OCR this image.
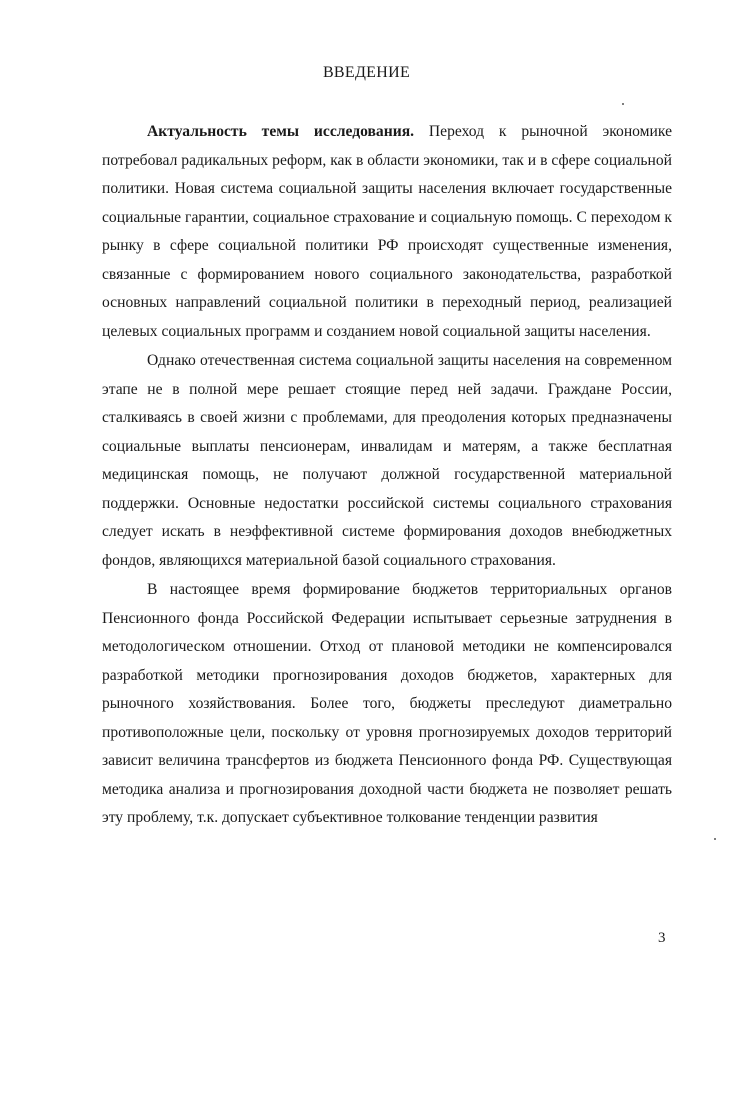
ВВЕДЕНИЕ

Актуальность темы исследования. Переход к рыночной экономике потребовал радикальных реформ, как в области экономики, так и в сфере социальной политики. Новая система социальной защиты населения включает государственные социальные гарантии, социальное страхование и социальную помощь. С переходом к рынку в сфере социальной политики РФ происходят существенные изменения, связанные с формированием нового социального законодательства, разработкой основных направлений социальной политики в переходный период, реализацией целевых социальных программ и созданием новой социальной защиты населения.

Однако отечественная система социальной защиты населения на современном этапе не в полной мере решает стоящие перед ней задачи. Граждане России, сталкиваясь в своей жизни с проблемами, для преодоления которых предназначены социальные выплаты пенсионерам, инвалидам и матерям, а также бесплатная медицинская помощь, не получают должной государственной материальной поддержки. Основные недостатки российской системы социального страхования следует искать в неэффективной системе формирования доходов внебюджетных фондов, являющихся материальной базой социального страхования.

В настоящее время формирование бюджетов территориальных органов Пенсионного фонда Российской Федерации испытывает серьезные затруднения в методологическом отношении. Отход от плановой методики не компенсировался разработкой методики прогнозирования доходов бюджетов, характерных для рыночного хозяйствования. Более того, бюджеты преследуют диаметрально противоположные цели, поскольку от уровня прогнозируемых доходов территорий зависит величина трансфертов из бюджета Пенсионного фонда РФ. Существующая методика анализа и прогнозирования доходной части бюджета не позволяет решать эту проблему, т.к. допускает субъективное толкование тенденции развития

3
